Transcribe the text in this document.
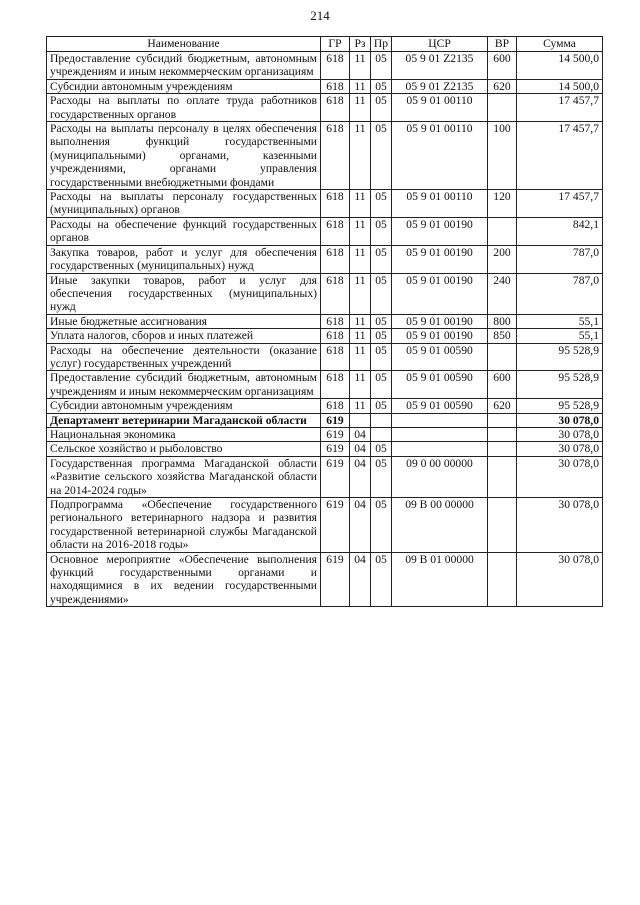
214
Наименование	ГР	Рз	Пр	ЦСР	ВР	Сумма
Предоставление субсидий бюджетным, автономным учреждениям и иным некоммерческим организациям	618	11	05	05 9 01 Z2135	600	14 500,0
Субсидии автономным учреждениям	618	11	05	05 9 01 Z2135	620	14 500,0
Расходы на выплаты по оплате труда работников государственных органов	618	11	05	05 9 01 00110		17 457,7
Расходы на выплаты персоналу в целях обеспечения выполнения функций государственными (муниципальными) органами, казенными учреждениями, органами управления государственными внебюджетными фондами	618	11	05	05 9 01 00110	100	17 457,7
Расходы на выплаты персоналу государственных (муниципальных) органов	618	11	05	05 9 01 00110	120	17 457,7
Расходы на обеспечение функций государственных органов	618	11	05	05 9 01 00190		842,1
Закупка товаров, работ и услуг для обеспечения государственных (муниципальных) нужд	618	11	05	05 9 01 00190	200	787,0
Иные закупки товаров, работ и услуг для обеспечения государственных (муниципальных) нужд	618	11	05	05 9 01 00190	240	787,0
Иные бюджетные ассигнования	618	11	05	05 9 01 00190	800	55,1
Уплата налогов, сборов и иных платежей	618	11	05	05 9 01 00190	850	55,1
Расходы на обеспечение деятельности (оказание услуг) государственных учреждений	618	11	05	05 9 01 00590		95 528,9
Предоставление субсидий бюджетным, автономным учреждениям и иным некоммерческим организациям	618	11	05	05 9 01 00590	600	95 528,9
Субсидии автономным учреждениям	618	11	05	05 9 01 00590	620	95 528,9
Департамент ветеринарии Магаданской области	619					30 078,0
Национальная экономика	619	04				30 078,0
Сельское хозяйство и рыболовство	619	04	05			30 078,0
Государственная программа Магаданской области «Развитие сельского хозяйства Магаданской области на 2014-2024 годы»	619	04	05	09 0 00 00000		30 078,0
Подпрограмма «Обеспечение государственного регионального ветеринарного надзора и развития государственной ветеринарной службы Магаданской области на 2016-2018 годы»	619	04	05	09 В 00 00000		30 078,0
Основное мероприятие «Обеспечение выполнения функций государственными органами и находящимися в их ведении государственными учреждениями»	619	04	05	09 В 01 00000		30 078,0
